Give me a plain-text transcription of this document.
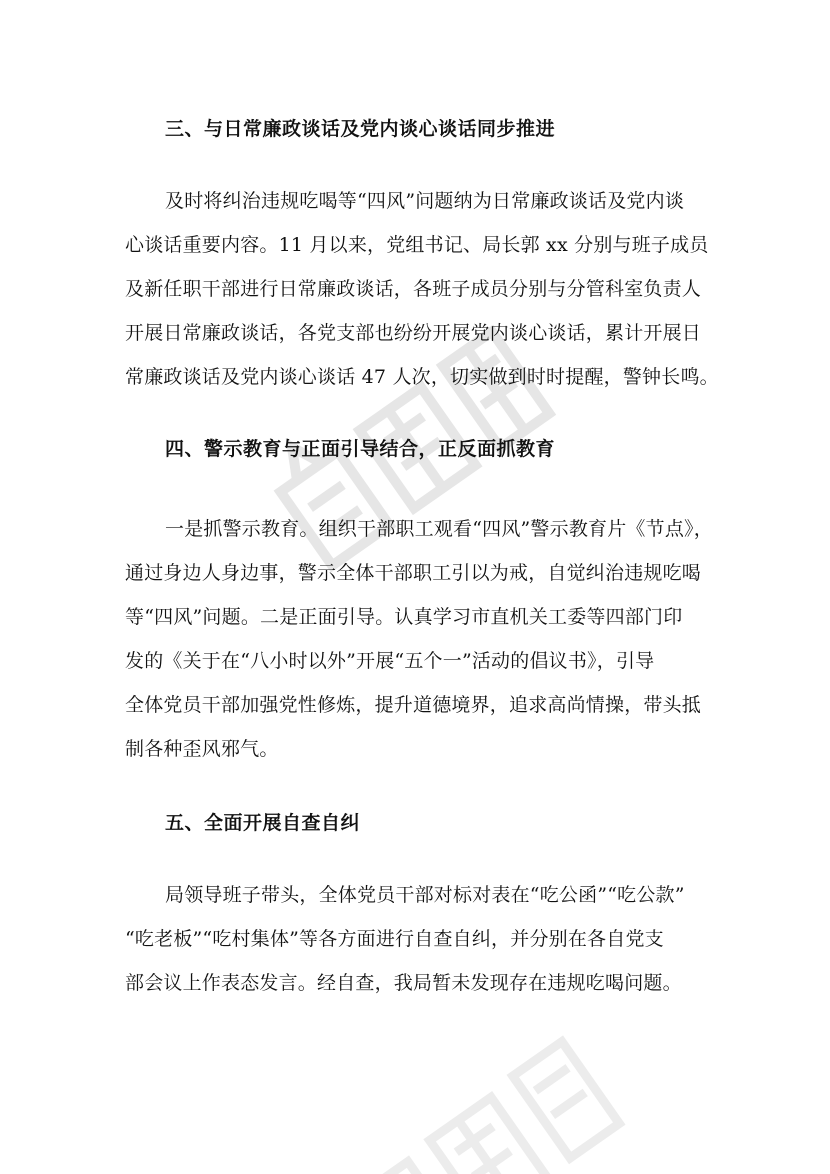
三、与日常廉政谈话及党内谈心谈话同步推进
及时将纠治违规吃喝等“四风”问题纳为日常廉政谈话及党内谈
心谈话重要内容。11 月以来，党组书记、局长郭 xx 分别与班子成员
及新任职干部进行日常廉政谈话，各班子成员分别与分管科室负责人
开展日常廉政谈话，各党支部也纷纷开展党内谈心谈话，累计开展日
常廉政谈话及党内谈心谈话 47 人次，切实做到时时提醒，警钟长鸣。
四、警示教育与正面引导结合，正反面抓教育
一是抓警示教育。组织干部职工观看“四风”警示教育片《节点》，
通过身边人身边事，警示全体干部职工引以为戒，自觉纠治违规吃喝
等“四风”问题。二是正面引导。认真学习市直机关工委等四部门印
发的《关于在“八小时以外”开展“五个一”活动的倡议书》，引导
全体党员干部加强党性修炼，提升道德境界，追求高尚情操，带头抵
制各种歪风邪气。
五、全面开展自查自纠
局领导班子带头，全体党员干部对标对表在“吃公函”“吃公款”
“吃老板”“吃村集体”等各方面进行自查自纠，并分别在各自党支
部会议上作表态发言。经自查，我局暂未发现存在违规吃喝问题。
